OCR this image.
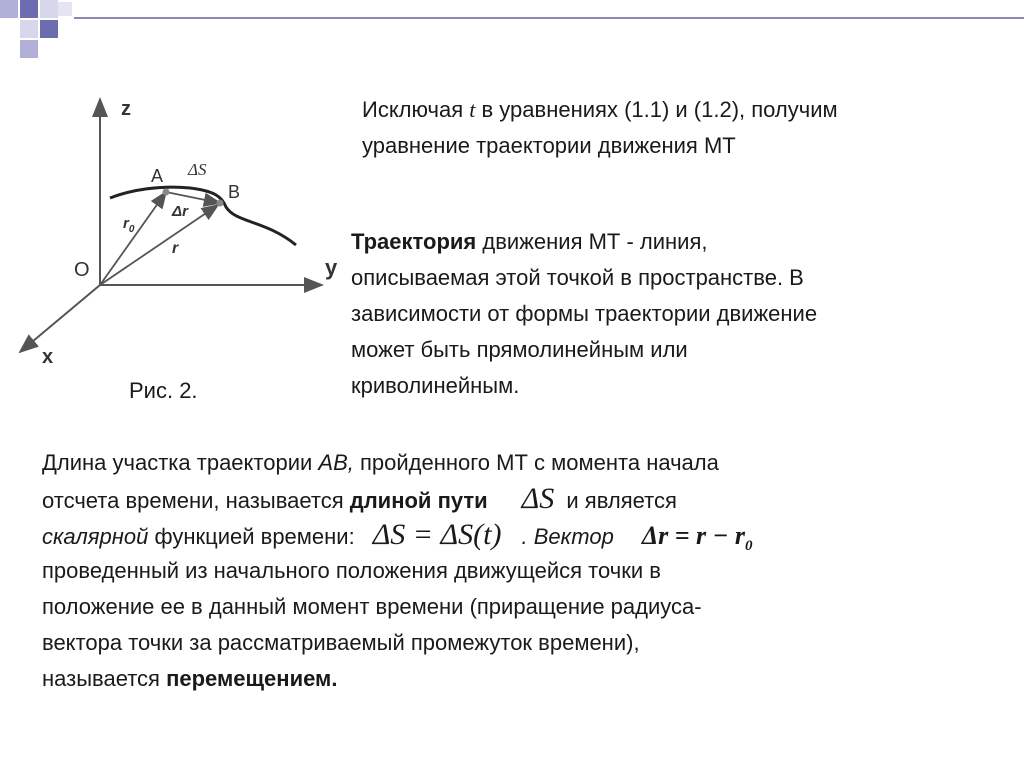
z
y
x
O
A
B
ΔS
$r_0$
Δr
r
Рис. 2.
Исключая t в уравнениях (1.1) и (1.2), получим
уравнение траектории движения МТ
Траектория движения МТ - линия,
описываемая этой точкой в пространстве. В
зависимости от формы траектории движение
может быть прямолинейным или
криволинейным.
Длина участка траектории AB, пройденного МТ с момента начала
отсчета времени, называется длиной пути ΔS и является
скалярной функцией времени: ΔS = ΔS(t) . Вектор $\Delta r = r - r_0$
проведенный из начального положения движущейся точки в
положение ее в данный момент времени (приращение радиуса-
вектора точки за рассматриваемый промежуток времени),
называется перемещением.
